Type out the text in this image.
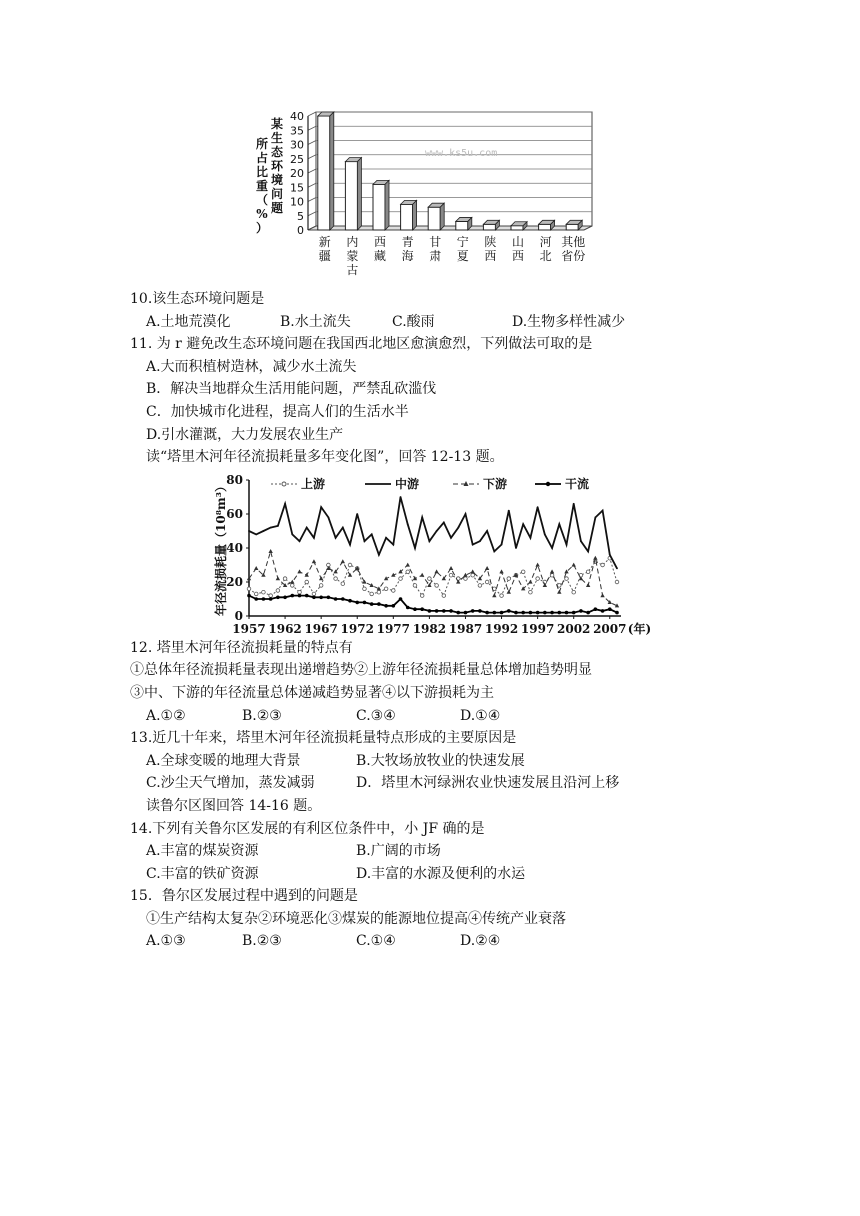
某
生
态
环
境
问
题
所
占
比
重
（
%
）	0
5
10
15
20
25
30
35
40
新
疆
内
蒙
古
西
藏
青
海
甘
肃
宁
夏
陕
西
山
西
河
北
其他
省份
www.ks5u.com
年径流损耗量（10⁸m³）
0
20
40
60
80
1957 1962 1967 1972 1977 1982 1987 1992 1997 2002 2007 (年)
上游	中游	下游	干流
10.该生态环境问题是
A.土地荒漠化	B.水土流失	C.酸雨	D.生物多样性减少
11. 为 r 避免改生态环境问题在我国西北地区愈演愈烈，下列做法可取的是
A.大而积植树造林，减少水土流失
B．解决当地群众生活用能问题，严禁乱砍滥伐
C．加快城市化进程，提高人们的生活水半
D.引水灌溉，大力发展农业生产
读“塔里木河年径流损耗量多年变化图”，回答 12-13 题。
12. 塔里木河年径流损耗量的特点有
①总体年径流损耗量表现出递增趋势②上游年径流损耗量总体增加趋势明显
③中、下游的年径流量总体递减趋势显著④以下游损耗为主
A.①②	B.②③	C.③④	D.①④
13.近几十年来，塔里木河年径流损耗量特点形成的主要原因是
A.全球变暖的地理大背景	B.大牧场放牧业的快速发展
C.沙尘天气增加，蒸发减弱	D．塔里木河绿洲农业快速发展且沿河上移
读鲁尔区图回答 14-16 题。
14.下列有关鲁尔区发展的有利区位条件中，小 JF 确的是
A.丰富的煤炭资源	B.广阔的市场
C.丰富的铁矿资源	D.丰富的水源及便利的水运
15．鲁尔区发展过程中遇到的问题是
①生产结构太复杂②环境恶化③煤炭的能源地位提高④传统产业衰落
A.①③	B.②③	C.①④	D.②④
